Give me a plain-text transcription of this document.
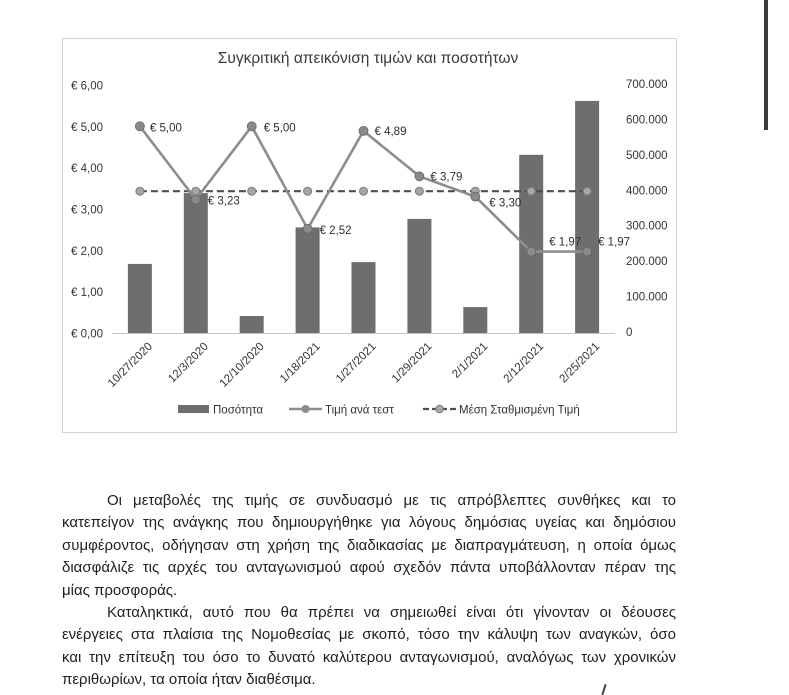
Συγκριτική απεικόνιση τιμών και ποσοτήτων
€ 5,00
€ 3,23
€ 5,00
€ 2,52
€ 4,89
€ 3,79
€ 3,30
€ 1,97 € 1,97
€ 0,00
€ 1,00
€ 2,00
€ 3,00
€ 4,00
€ 5,00
€ 6,00
0
100.000
200.000
300.000
400.000
500.000
600.000
700.000
10/27/2020 12/3/2020 12/10/2020 1/18/2021 1/27/2021 1/29/2021 2/1/2021 2/12/2021 2/25/2021
Ποσότητα	Τιμή ανά τεστ	Μέση Σταθμισμένη Τιμή
Οι μεταβολές της τιμής σε συνδυασμό με τις απρόβλεπτες συνθήκες και το
κατεπείγον της ανάγκης που δημιουργήθηκε για λόγους δημόσιας υγείας και δημόσιου
συμφέροντος, οδήγησαν στη χρήση της διαδικασίας με διαπραγμάτευση, η οποία όμως
διασφάλιζε τις αρχές του ανταγωνισμού αφού σχεδόν πάντα υποβάλλονταν πέραν της
μίας προσφοράς.
Καταληκτικά, αυτό που θα πρέπει να σημειωθεί είναι ότι γίνονταν οι δέουσες
ενέργειες στα πλαίσια της Νομοθεσίας με σκοπό, τόσο την κάλυψη των αναγκών, όσο
και την επίτευξη του όσο το δυνατό καλύτερου ανταγωνισμού, αναλόγως των χρονικών
περιθωρίων, τα οποία ήταν διαθέσιμα.
